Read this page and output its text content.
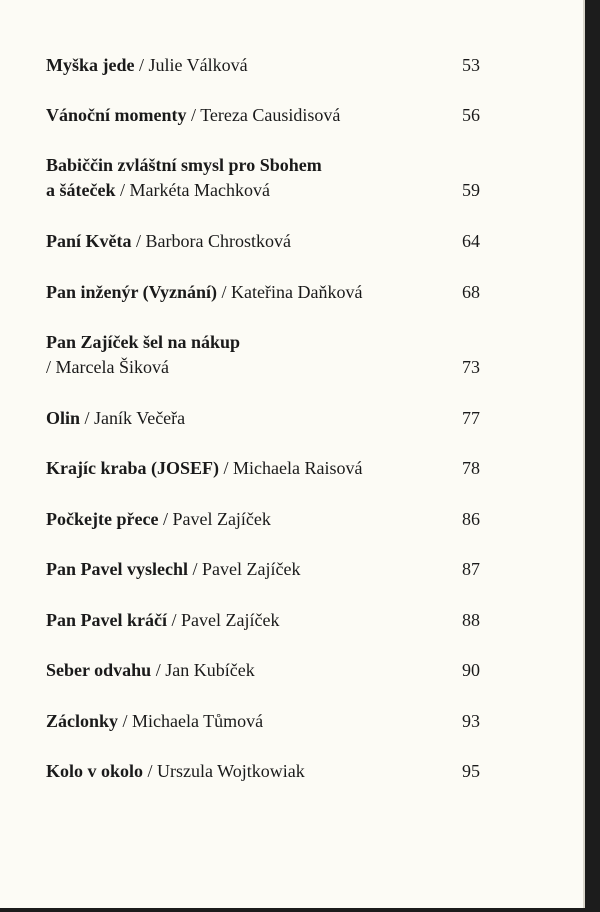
Myška jede / Julie Válková	53
Vánoční momenty / Tereza Causidisová	56
Babiččin zvláštní smysl pro Sbohem
a šáteček / Markéta Machková	59
Paní Květa / Barbora Chrostková	64
Pan inženýr (Vyznání) / Kateřina Daňková	68
Pan Zajíček šel na nákup
/ Marcela Šiková	73
Olin / Janík Večeřa	77
Krajíc kraba (JOSEF) / Michaela Raisová	78
Počkejte přece / Pavel Zajíček	86
Pan Pavel vyslechl / Pavel Zajíček	87
Pan Pavel kráčí / Pavel Zajíček	88
Seber odvahu / Jan Kubíček	90
Záclonky / Michaela Tůmová	93
Kolo v okolo / Urszula Wojtkowiak	95
